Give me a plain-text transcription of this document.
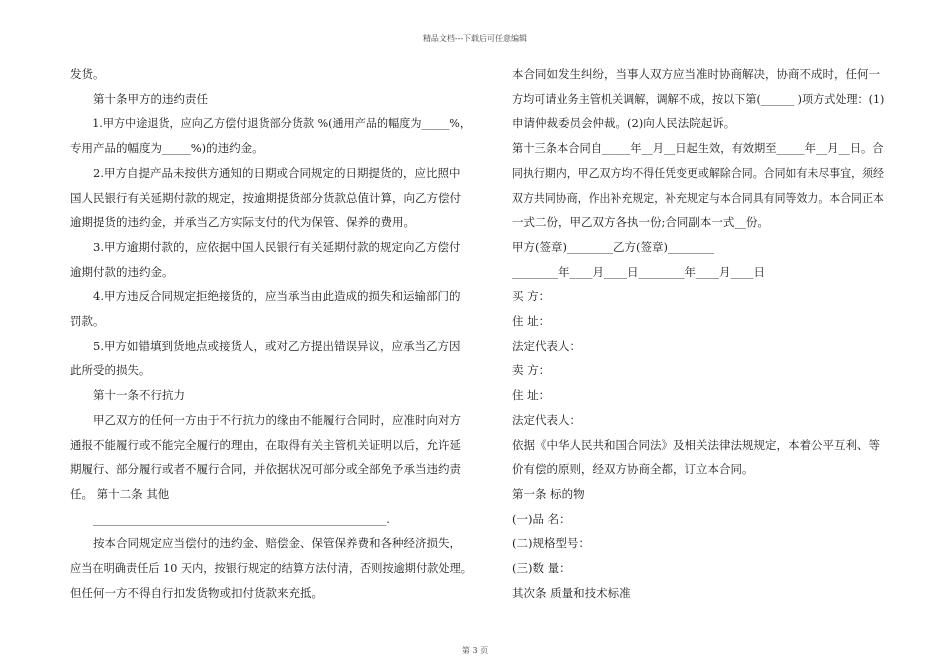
精品文档---下载后可任意编辑

发货。

第十条甲方的违约责任

1.甲方中途退货，应向乙方偿付退货部分货款 %(通用产品的幅度为_____%，

专用产品的幅度为_____%)的违约金。

2.甲方自提产品未按供方通知的日期或合同规定的日期提货的，应比照中

国人民银行有关延期付款的规定，按逾期提货部分货款总值计算，向乙方偿付

逾期提货的违约金，并承当乙方实际支付的代为保管、保养的费用。

3.甲方逾期付款的，应依据中国人民银行有关延期付款的规定向乙方偿付

逾期付款的违约金。

4.甲方违反合同规定拒绝接货的，应当承当由此造成的损失和运输部门的

罚款。

5.甲方如错填到货地点或接货人，或对乙方提出错误异议，应承当乙方因

此所受的损失。

第十一条不行抗力

甲乙双方的任何一方由于不行抗力的缘由不能履行合同时，应准时向对方

通报不能履行或不能完全履行的理由，在取得有关主管机关证明以后，允许延

期履行、部分履行或者不履行合同，并依据状况可部分或全部免予承当违约责

任。 第十二条 其他

___________________________________________________.

按本合同规定应当偿付的违约金、赔偿金、保管保养费和各种经济损失，

应当在明确责任后 10 天内，按银行规定的结算方法付清，否则按逾期付款处理。

但任何一方不得自行扣发货物或扣付货款来充抵。

本合同如发生纠纷，当事人双方应当准时协商解决，协商不成时，任何一

方均可请业务主管机关调解，调解不成，按以下第(______ )项方式处理：(1)

申请仲裁委员会仲裁。(2)向人民法院起诉。

第十三条本合同自_____年__月__日起生效，有效期至_____年__月__日。合

同执行期内，甲乙双方均不得任凭变更或解除合同。合同如有未尽事宜，须经

双方共同协商，作出补充规定，补充规定与本合同具有同等效力。本合同正本

一式二份，甲乙双方各执一份;合同副本一式__份。

甲方(签章)________乙方(签章)________

________年____月____日________年____月____日

买 方：

住 址：

法定代表人：

卖 方：

住 址：

法定代表人：

依据《中华人民共和国合同法》及相关法律法规规定，本着公平互利、等

价有偿的原则，经双方协商全都，订立本合同。

第一条 标的物

(一)品 名：

(二)规格型号：

(三)数 量：

其次条 质量和技术标准

第 3 页
